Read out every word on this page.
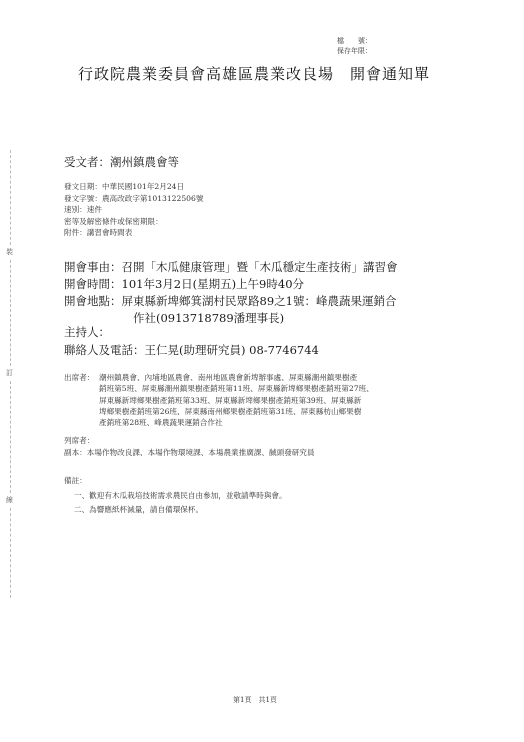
檔　　號：
保存年限：
行政院農業委員會高雄區農業改良場　開會通知單
受文者：潮州鎮農會等
發文日期：中華民國101年2月24日
發文字號：農高改政字第1013122506號
速別：速件
密等及解密條件或保密期限：
附件：講習會時間表
開會事由：召開「木瓜健康管理」暨「木瓜穩定生產技術」講習會
開會時間：101年3月2日(星期五)上午9時40分
開會地點：屏東縣新埤鄉箕湖村民眾路89之1號：峰農蔬果運銷合
作社(0913718789潘理事長)
主持人：
聯絡人及電話：王仁晃(助理研究員) 08-7746744
出席者： 潮州鎮農會、內埔地區農會、南州地區農會新埤辦事處、屏東縣潮州鎮果樹產
銷班第5班、屏東縣潮州鎮果樹產銷班第11班、屏東縣新埤鄉果樹產銷班第27班、
屏東縣新埤鄉果樹產銷班第33班、屏東縣新埤鄉果樹產銷班第39班、屏東縣新
埤鄉果樹產銷班第26班、屏東縣南州鄉果樹產銷班第31班、屏東縣枋山鄉果樹
產銷班第28班、峰農蔬果運銷合作社
列席者：
副本：本場作物改良課、本場作物環境課、本場農業推廣課、馘頭發研究員
備註：
一、歡迎有木瓜栽培技術需求農民自由參加，並敬請準時與會。
二、為響應紙杯減量，請自備環保杯。
裝
訂
線
第1頁　共1頁
